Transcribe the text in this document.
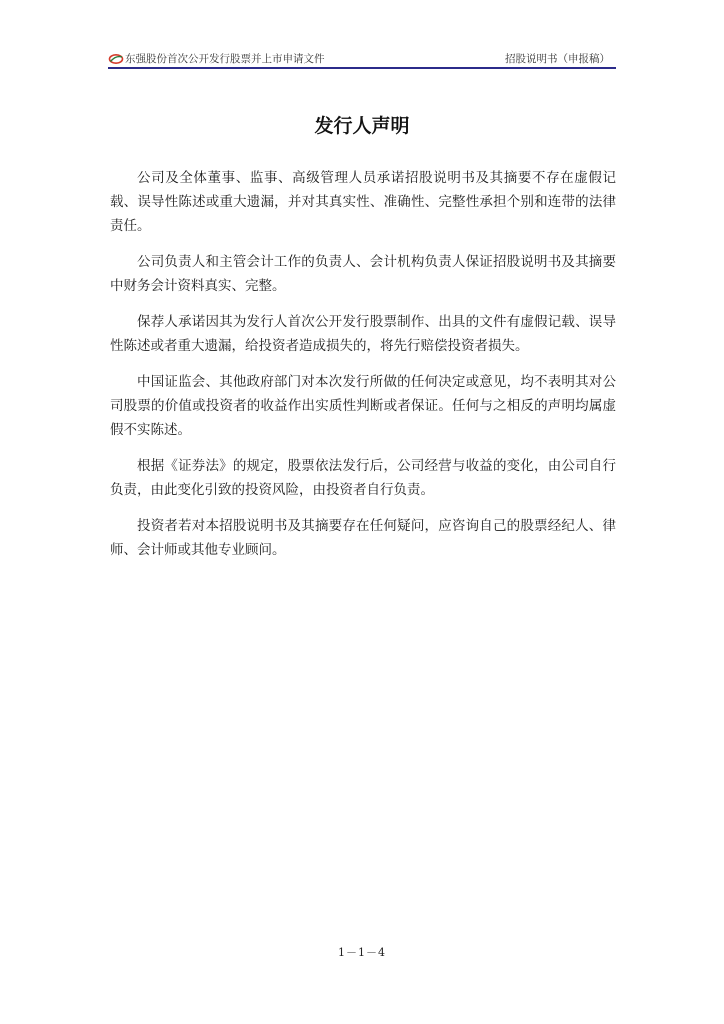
东强股份首次公开发行股票并上市申请文件	招股说明书（申报稿）
发行人声明

公司及全体董事、监事、高级管理人员承诺招股说明书及其摘要不存在虚假记载、误导性陈述或重大遗漏，并对其真实性、准确性、完整性承担个别和连带的法律责任。

公司负责人和主管会计工作的负责人、会计机构负责人保证招股说明书及其摘要中财务会计资料真实、完整。

保荐人承诺因其为发行人首次公开发行股票制作、出具的文件有虚假记载、误导性陈述或者重大遗漏，给投资者造成损失的，将先行赔偿投资者损失。

中国证监会、其他政府部门对本次发行所做的任何决定或意见，均不表明其对公司股票的价值或投资者的收益作出实质性判断或者保证。任何与之相反的声明均属虚假不实陈述。

根据《证券法》的规定，股票依法发行后，公司经营与收益的变化，由公司自行负责，由此变化引致的投资风险，由投资者自行负责。

投资者若对本招股说明书及其摘要存在任何疑问，应咨询自己的股票经纪人、律师、会计师或其他专业顾问。

1－1－4
